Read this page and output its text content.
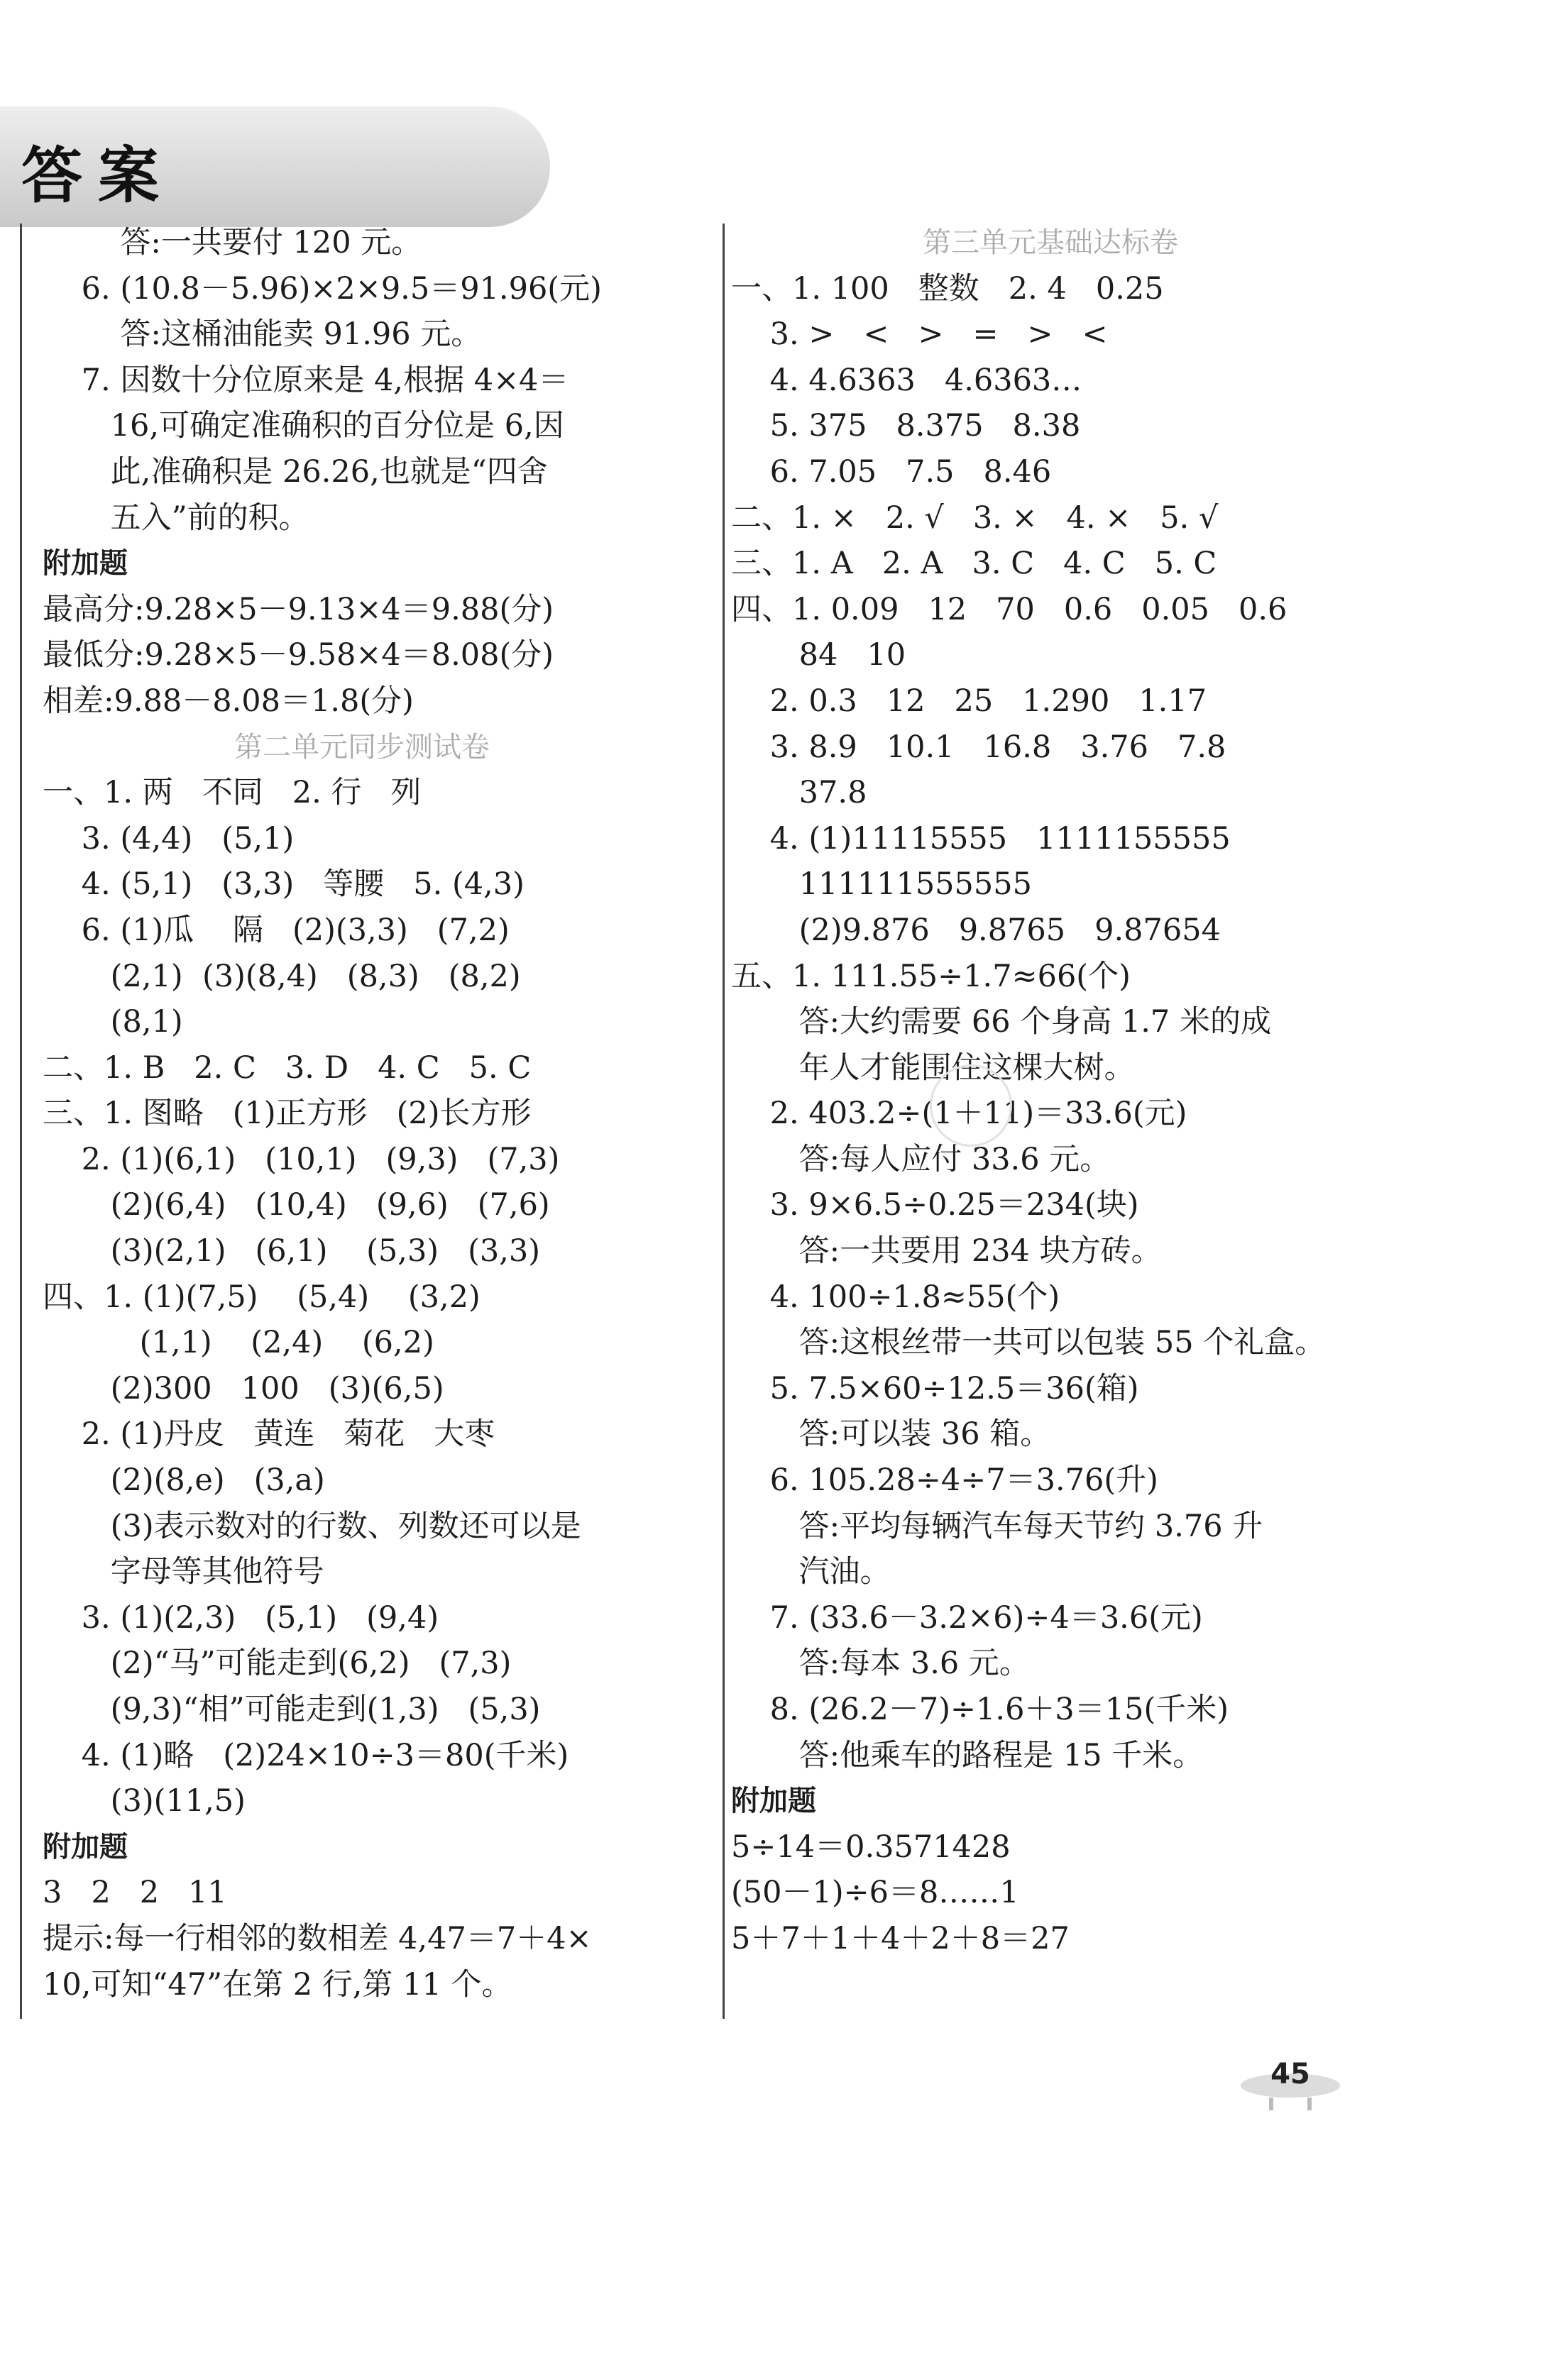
答案
答:一共要付 120 元。
6. (10.8－5.96)×2×9.5＝91.96(元)
答:这桶油能卖 91.96 元。
7. 因数十分位原来是 4,根据 4×4＝
16,可确定准确积的百分位是 6,因
此,准确积是 26.26,也就是“四舍
五入”前的积。
附加题
最高分:9.28×5－9.13×4＝9.88(分)
最低分:9.28×5－9.58×4＝8.08(分)
相差:9.88－8.08＝1.8(分)
第二单元同步测试卷
一、1. 两   不同   2. 行   列
3. (4,4)   (5,1)
4. (5,1)   (3,3)   等腰   5. (4,3)
6. (1)瓜    隔   (2)(3,3)   (7,2)
(2,1)  (3)(8,4)   (8,3)   (8,2)
(8,1)
二、1. B   2. C   3. D   4. C   5. C
三、1. 图略   (1)正方形   (2)长方形
2. (1)(6,1)   (10,1)   (9,3)   (7,3)
(2)(6,4)   (10,4)   (9,6)   (7,6)
(3)(2,1)   (6,1)    (5,3)   (3,3)
四、1. (1)(7,5)    (5,4)    (3,2)
(1,1)    (2,4)    (6,2)
(2)300   100   (3)(6,5)
2. (1)丹皮   黄连   菊花   大枣
(2)(8,e)   (3,a)
(3)表示数对的行数、列数还可以是
字母等其他符号
3. (1)(2,3)   (5,1)   (9,4)
(2)“马”可能走到(6,2)   (7,3)
(9,3)“相”可能走到(1,3)   (5,3)
4. (1)略   (2)24×10÷3＝80(千米)
(3)(11,5)
附加题
3   2   2   11
提示:每一行相邻的数相差 4,47＝7＋4×
10,可知“47”在第 2 行,第 11 个。
第三单元基础达标卷
一、1. 100   整数   2. 4   0.25
3. >   <   >   =   >   <
4. 4.6363   4.6363…
5. 375   8.375   8.38
6. 7.05   7.5   8.46
二、1. ×   2. √   3. ×   4. ×   5. √
三、1. A   2. A   3. C   4. C   5. C
四、1. 0.09   12   70   0.6   0.05   0.6
84   10
2. 0.3   12   25   1.290   1.17
3. 8.9   10.1   16.8   3.76   7.8
37.8
4. (1)11115555   1111155555
111111555555
(2)9.876   9.8765   9.87654
五、1. 111.55÷1.7≈66(个)
答:大约需要 66 个身高 1.7 米的成
年人才能围住这棵大树。
2. 403.2÷(1＋11)＝33.6(元)
答:每人应付 33.6 元。
3. 9×6.5÷0.25＝234(块)
答:一共要用 234 块方砖。
4. 100÷1.8≈55(个)
答:这根丝带一共可以包装 55 个礼盒。
5. 7.5×60÷12.5＝36(箱)
答:可以装 36 箱。
6. 105.28÷4÷7＝3.76(升)
答:平均每辆汽车每天节约 3.76 升
汽油。
7. (33.6－3.2×6)÷4＝3.6(元)
答:每本 3.6 元。
8. (26.2－7)÷1.6＋3＝15(千米)
答:他乘车的路程是 15 千米。
附加题
5÷14＝0.3571428
(50－1)÷6＝8……1
5＋7＋1＋4＋2＋8＝27
45
